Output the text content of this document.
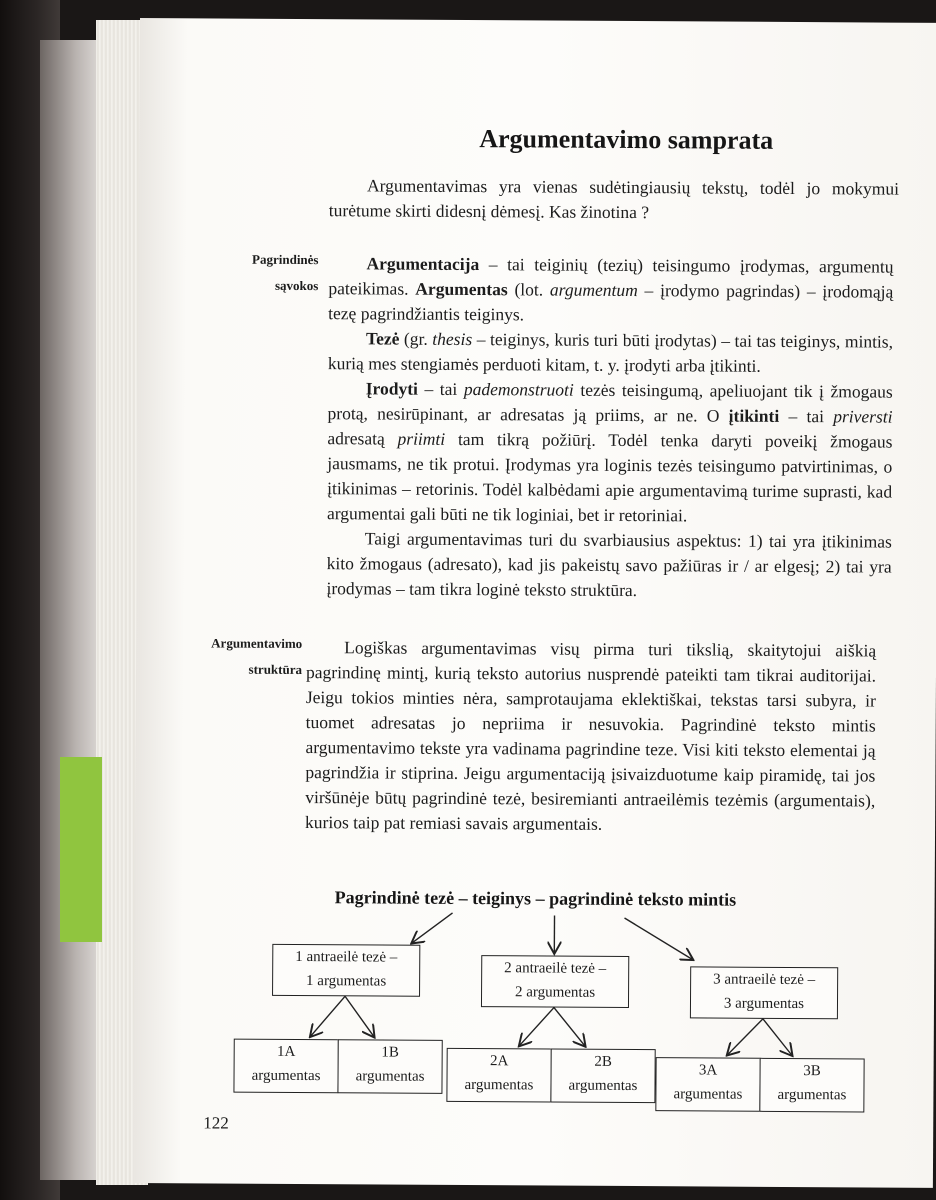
Argumentavimo samprata
Argumentavimas yra vienas sudėtingiausių tekstų, todėl jo mokymui turėtume skirti didesnį dėmesį. Kas žinotina ?
Pagrindinės
sąvokos

Argumentacija – tai teiginių (tezių) teisingumo įrodymas, argumentų pateikimas. Argumentas (lot. argumentum – įrodymo pagrindas) – įrodomąją tezę pagrindžiantis teiginys.

Tezė (gr. thesis – teiginys, kuris turi būti įrodytas) – tai tas teiginys, mintis, kurią mes stengiamės perduoti kitam, t. y. įrodyti arba įtikinti.

Įrodyti – tai pademonstruoti tezės teisingumą, apeliuojant tik į žmogaus protą, nesirūpinant, ar adresatas ją priims, ar ne. O įtikinti – tai priversti adresatą priimti tam tikrą požiūrį. Todėl tenka daryti poveikį žmogaus jausmams, ne tik protui. Įrodymas yra loginis tezės teisingumo patvirtinimas, o įtikinimas – retorinis. Todėl kalbėdami apie argumentavimą turime suprasti, kad argumentai gali būti ne tik loginiai, bet ir retoriniai.

Taigi argumentavimas turi du svarbiausius aspektus: 1) tai yra įtikinimas kito žmogaus (adresato), kad jis pakeistų savo pažiūras ir / ar elgesį; 2) tai yra įrodymas – tam tikra loginė teksto struktūra.

Argumentavimo
struktūra

Logiškas argumentavimas visų pirma turi tikslią, skaitytojui aiškią pagrindinę mintį, kurią teksto autorius nusprendė pateikti tam tikrai auditorijai. Jeigu tokios minties nėra, samprotaujama eklektiškai, tekstas tarsi subyra, ir tuomet adresatas jo nepriima ir nesuvokia. Pagrindinė teksto mintis argumentavimo tekste yra vadinama pagrindine teze. Visi kiti teksto elementai ją pagrindžia ir stiprina. Jeigu argumentaciją įsivaizduotume kaip piramidę, tai jos viršūnėje būtų pagrindinė tezė, besiremianti antraeilėmis tezėmis (argumentais), kurios taip pat remiasi savais argumentais.

Pagrindinė tezė – teiginys – pagrindinė teksto mintis
1 antraeilė tezė –
1 argumentas
2 antraeilė tezė –
2 argumentas
3 antraeilė tezė –
3 argumentas
1A
argumentas
1B
argumentas
2A
argumentas
2B
argumentas
3A
argumentas
3B
argumentas
122
